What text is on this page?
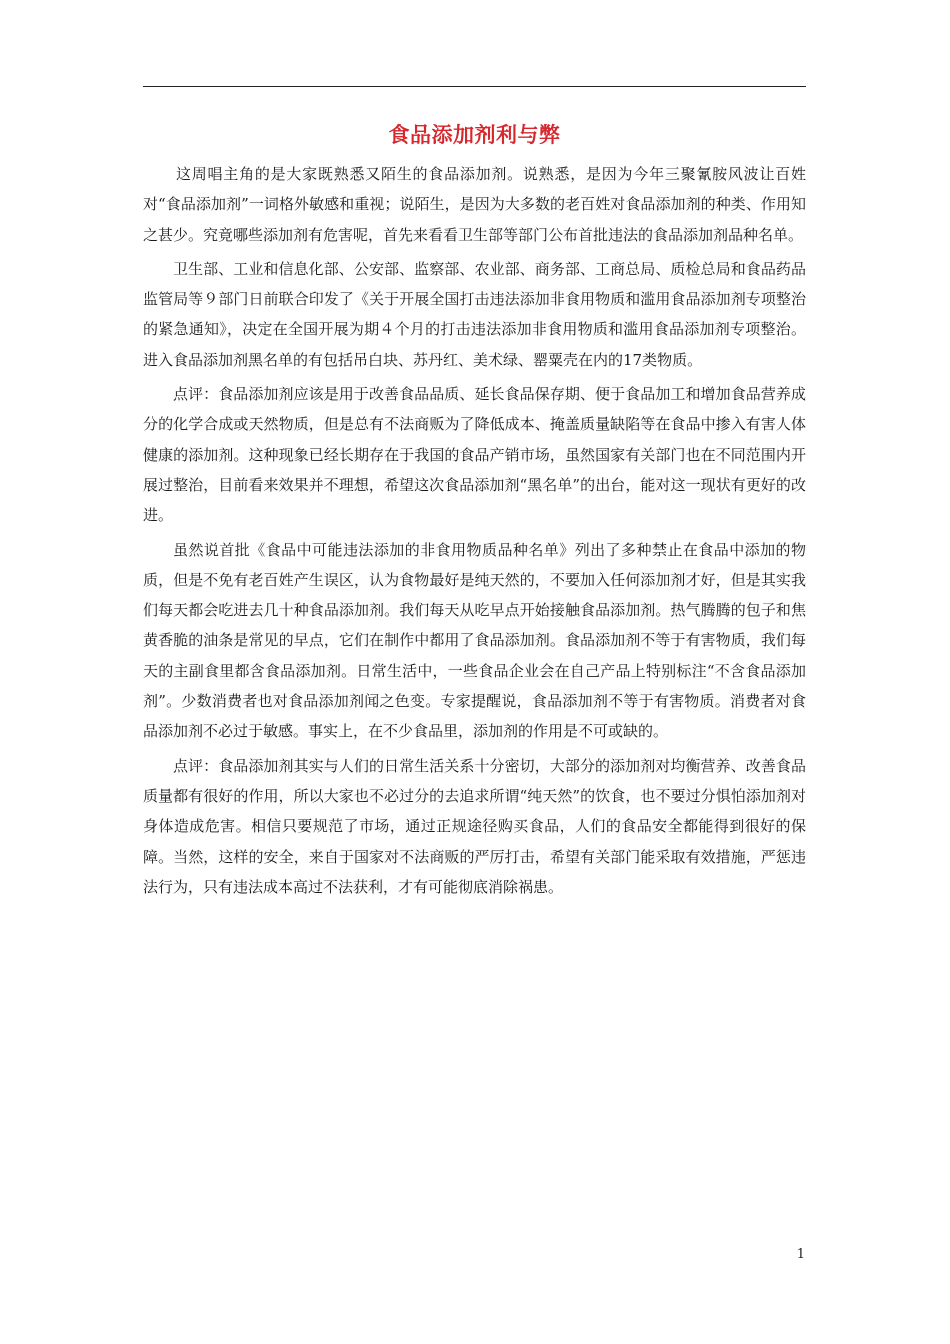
食品添加剂利与弊

这周唱主角的是大家既熟悉又陌生的食品添加剂。说熟悉，是因为今年三聚氰胺风波让百姓对“食品添加剂”一词格外敏感和重视；说陌生，是因为大多数的老百姓对食品添加剂的种类、作用知之甚少。究竟哪些添加剂有危害呢，首先来看看卫生部等部门公布首批违法的食品添加剂品种名单。

卫生部、工业和信息化部、公安部、监察部、农业部、商务部、工商总局、质检总局和食品药品监管局等９部门日前联合印发了《关于开展全国打击违法添加非食用物质和滥用食品添加剂专项整治的紧急通知》，决定在全国开展为期４个月的打击违法添加非食用物质和滥用食品添加剂专项整治。进入食品添加剂黑名单的有包括吊白块、苏丹红、美术绿、罂粟壳在内的17类物质。

点评：食品添加剂应该是用于改善食品品质、延长食品保存期、便于食品加工和增加食品营养成分的化学合成或天然物质，但是总有不法商贩为了降低成本、掩盖质量缺陷等在食品中掺入有害人体健康的添加剂。这种现象已经长期存在于我国的食品产销市场，虽然国家有关部门也在不同范围内开展过整治，目前看来效果并不理想，希望这次食品添加剂“黑名单”的出台，能对这一现状有更好的改进。

虽然说首批《食品中可能违法添加的非食用物质品种名单》列出了多种禁止在食品中添加的物质，但是不免有老百姓产生误区，认为食物最好是纯天然的，不要加入任何添加剂才好，但是其实我们每天都会吃进去几十种食品添加剂。我们每天从吃早点开始接触食品添加剂。热气腾腾的包子和焦黄香脆的油条是常见的早点，它们在制作中都用了食品添加剂。食品添加剂不等于有害物质，我们每天的主副食里都含食品添加剂。日常生活中，一些食品企业会在自己产品上特别标注“不含食品添加剂”。少数消费者也对食品添加剂闻之色变。专家提醒说，食品添加剂不等于有害物质。消费者对食品添加剂不必过于敏感。事实上，在不少食品里，添加剂的作用是不可或缺的。

点评：食品添加剂其实与人们的日常生活关系十分密切，大部分的添加剂对均衡营养、改善食品质量都有很好的作用，所以大家也不必过分的去追求所谓“纯天然”的饮食，也不要过分惧怕添加剂对身体造成危害。相信只要规范了市场，通过正规途径购买食品，人们的食品安全都能得到很好的保障。当然，这样的安全，来自于国家对不法商贩的严厉打击，希望有关部门能采取有效措施，严惩违法行为，只有违法成本高过不法获利，才有可能彻底消除祸患。

1
